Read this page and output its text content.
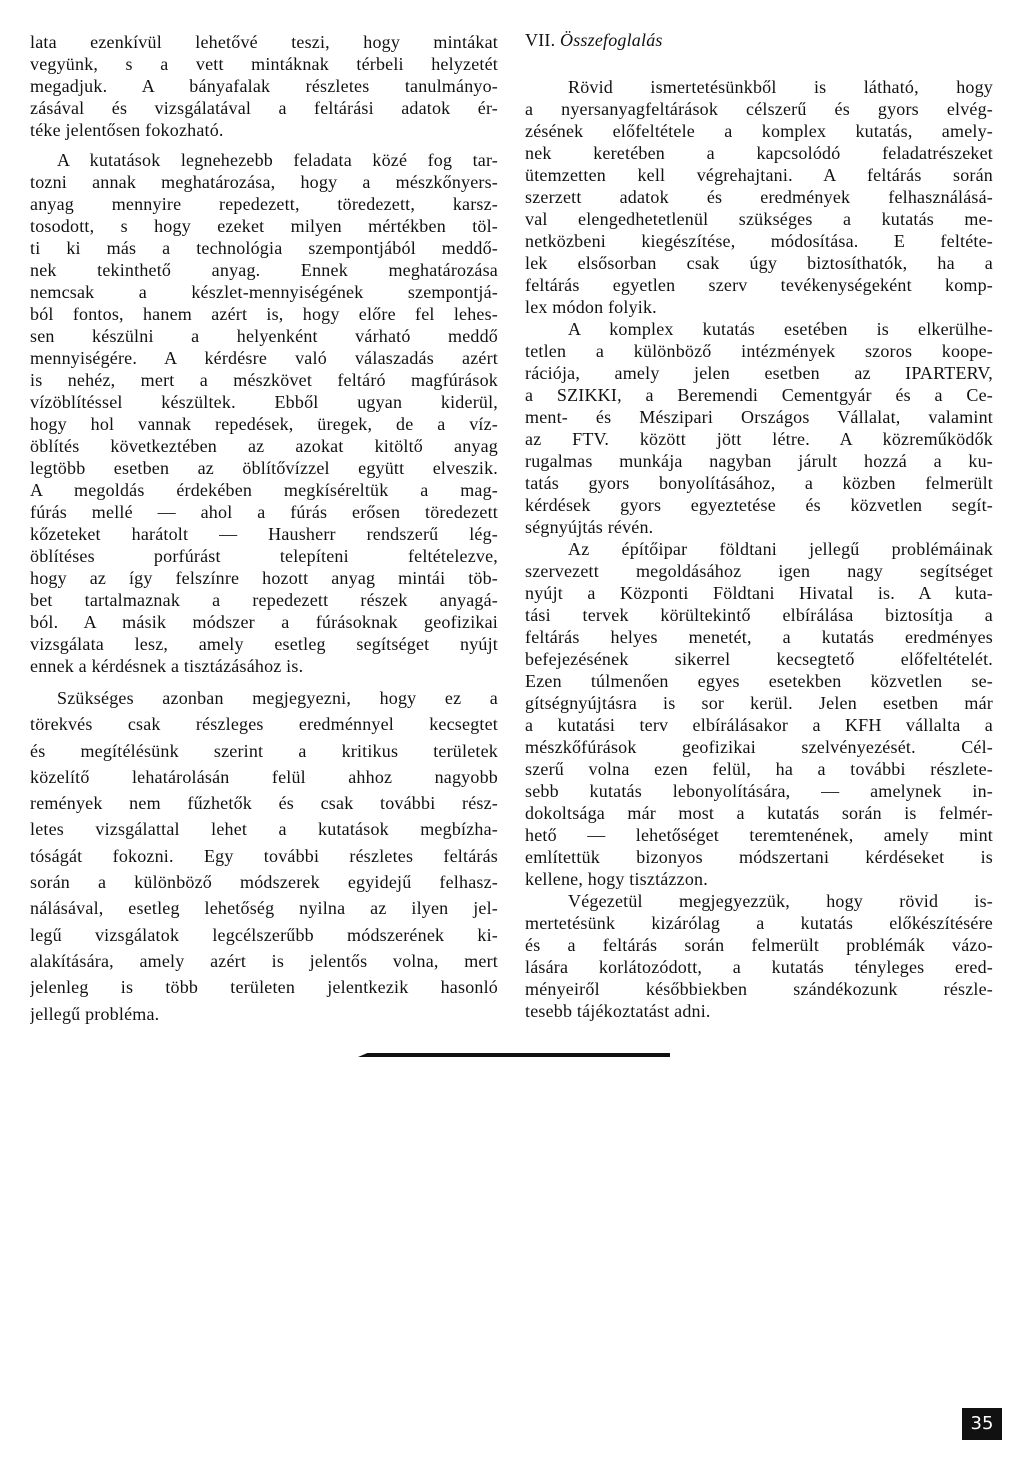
lata ezenkívül lehetővé teszi, hogy mintákat
vegyünk, s a vett mintáknak térbeli helyzetét
megadjuk. A bányafalak részletes tanulmányo-
zásával és vizsgálatával a feltárási adatok ér-
téke jelentősen fokozható.
A kutatások legnehezebb feladata közé fog tar-
tozni annak meghatározása, hogy a mészkőnyers-
anyag mennyire repedezett, töredezett, karsz-
tosodott, s hogy ezeket milyen mértékben töl-
ti ki más a technológia szempontjából meddő-
nek tekinthető anyag. Ennek meghatározása
nemcsak a készlet-mennyiségének szempontjá-
ból fontos, hanem azért is, hogy előre fel lehes-
sen készülni a helyenként várható meddő
mennyiségére. A kérdésre való válaszadás azért
is nehéz, mert a mészkövet feltáró magfúrások
vízöblítéssel készültek. Ebből ugyan kiderül,
hogy hol vannak repedések, üregek, de a víz-
öblítés következtében az azokat kitöltő anyag
legtöbb esetben az öblítővízzel együtt elveszik.
A megoldás érdekében megkíséreltük a mag-
fúrás mellé — ahol a fúrás erősen töredezett
kőzeteket harátolt — Hausherr rendszerű lég-
öblítéses porfúrást telepíteni feltételezve,
hogy az így felszínre hozott anyag mintái töb-
bet tartalmaznak a repedezett részek anyagá-
ból. A másik módszer a fúrásoknak geofizikai
vizsgálata lesz, amely esetleg segítséget nyújt
ennek a kérdésnek a tisztázásához is.
Szükséges azonban megjegyezni, hogy ez a
törekvés csak részleges eredménnyel kecsegtet
és megítélésünk szerint a kritikus területek
közelítő lehatárolásán felül ahhoz nagyobb
remények nem fűzhetők és csak további rész-
letes vizsgálattal lehet a kutatások megbízha-
tóságát fokozni. Egy további részletes feltárás
során a különböző módszerek egyidejű felhasz-
nálásával, esetleg lehetőség nyilna az ilyen jel-
legű vizsgálatok legcélszerűbb módszerének ki-
alakítására, amely azért is jelentős volna, mert
jelenleg is több területen jelentkezik hasonló
jellegű probléma.
VII. Összefoglalás
Rövid ismertetésünkből is látható, hogy
a nyersanyagfeltárások célszerű és gyors elvég-
zésének előfeltétele a komplex kutatás, amely-
nek keretében a kapcsolódó feladatrészeket
ütemzetten kell végrehajtani. A feltárás során
szerzett adatok és eredmények felhasználásá-
val elengedhetetlenül szükséges a kutatás me-
netközbeni kiegészítése, módosítása. E feltéte-
lek elsősorban csak úgy biztosíthatók, ha a
feltárás egyetlen szerv tevékenységeként komp-
lex módon folyik.
A komplex kutatás esetében is elkerülhe-
tetlen a különböző intézmények szoros koope-
rációja, amely jelen esetben az IPARTERV,
a SZIKKI, a Beremendi Cementgyár és a Ce-
ment- és Mészipari Országos Vállalat, valamint
az FTV. között jött létre. A közreműködők
rugalmas munkája nagyban járult hozzá a ku-
tatás gyors bonyolításához, a közben felmerült
kérdések gyors egyeztetése és közvetlen segít-
ségnyújtás révén.
Az építőipar földtani jellegű problémáinak
szervezett megoldásához igen nagy segítséget
nyújt a Központi Földtani Hivatal is. A kuta-
tási tervek körültekintő elbírálása biztosítja a
feltárás helyes menetét, a kutatás eredményes
befejezésének sikerrel kecsegtető előfeltételét.
Ezen túlmenően egyes esetekben közvetlen se-
gítségnyújtásra is sor kerül. Jelen esetben már
a kutatási terv elbírálásakor a KFH vállalta a
mészkőfúrások geofizikai szelvényezését. Cél-
szerű volna ezen felül, ha a további részlete-
sebb kutatás lebonyolítására, — amelynek in-
dokoltsága már most a kutatás során is felmér-
hető — lehetőséget teremtenének, amely mint
említettük bizonyos módszertani kérdéseket is
kellene, hogy tisztázzon.
Végezetül megjegyezzük, hogy rövid is-
mertetésünk kizárólag a kutatás előkészítésére
és a feltárás során felmerült problémák vázo-
lására korlátozódott, a kutatás tényleges ered-
ményeiről későbbiekben szándékozunk részle-
tesebb tájékoztatást adni.
35
